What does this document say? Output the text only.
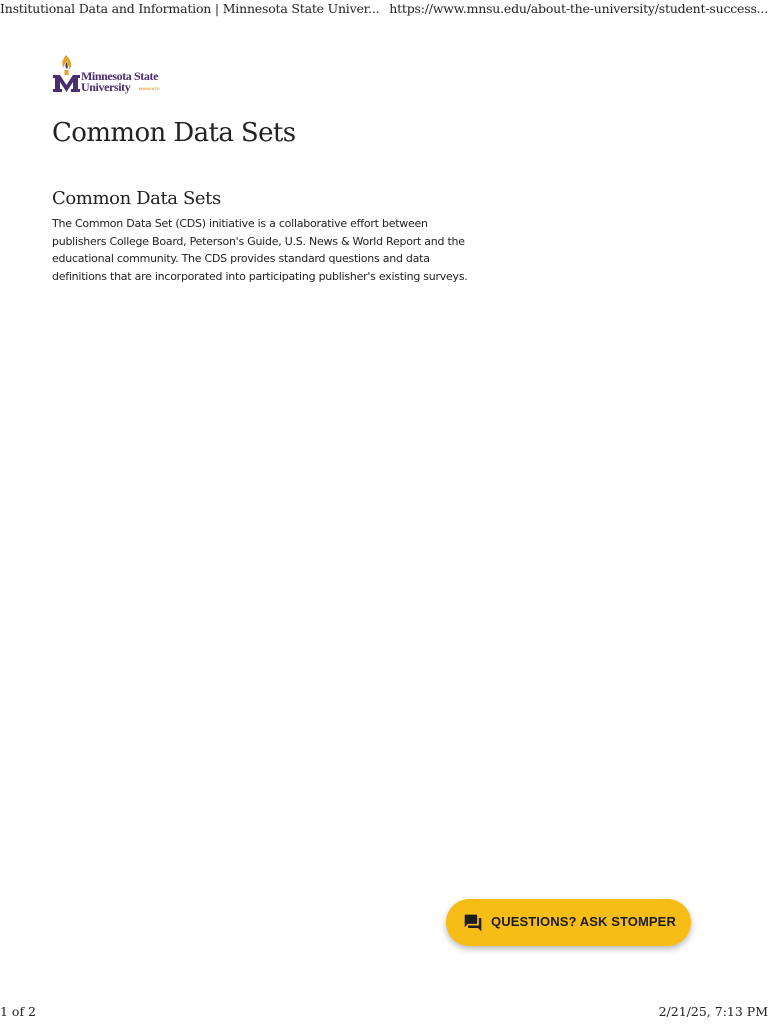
Institutional Data and Information | Minnesota State Univer... https://www.mnsu.edu/about-the-university/student-success...
Minnesota State
University MANKATO
Common Data Sets
Common Data Sets

The Common Data Set (CDS) initiative is a collaborative effort between publishers College Board, Peterson's Guide, U.S. News & World Report and the educational community. The CDS provides standard questions and data definitions that are incorporated into participating publisher's existing surveys.

QUESTIONS? ASK STOMPER
1 of 2	2/21/25, 7:13 PM
